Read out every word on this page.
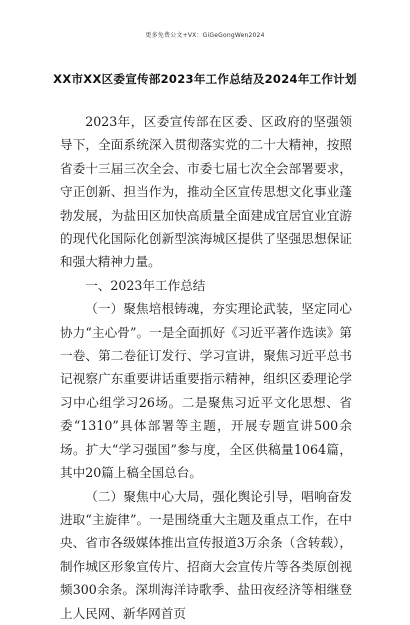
更多免费公文+VX：GiGeGongWen2024
XX市XX区委宣传部2023年工作总结及2024年工作计划

2023年，区委宣传部在区委、区政府的坚强领导下，全面系统深入贯彻落实党的二十大精神，按照省委十三届三次全会、市委七届七次全会部署要求，守正创新、担当作为，推动全区宣传思想文化事业蓬勃发展，为盐田区加快高质量全面建成宜居宜业宜游的现代化国际化创新型滨海城区提供了坚强思想保证和强大精神力量。

一、2023年工作总结

（一）聚焦培根铸魂，夯实理论武装，坚定同心协力“主心骨”。一是全面抓好《习近平著作选读》第一卷、第二卷征订发行、学习宣讲，聚焦习近平总书记视察广东重要讲话重要指示精神，组织区委理论学习中心组学习26场。二是聚焦习近平文化思想、省委“1310”具体部署等主题，开展专题宣讲500余场。扩大“学习强国”参与度，全区供稿量1064篇，其中20篇上稿全国总台。

（二）聚焦中心大局，强化舆论引导，唱响奋发进取“主旋律”。一是围绕重大主题及重点工作，在中央、省市各级媒体推出宣传报道3万余条（含转载），制作城区形象宣传片、招商大会宣传片等各类原创视频300余条。深圳海洋诗歌季、盐田夜经济等相继登上人民网、新华网首页
